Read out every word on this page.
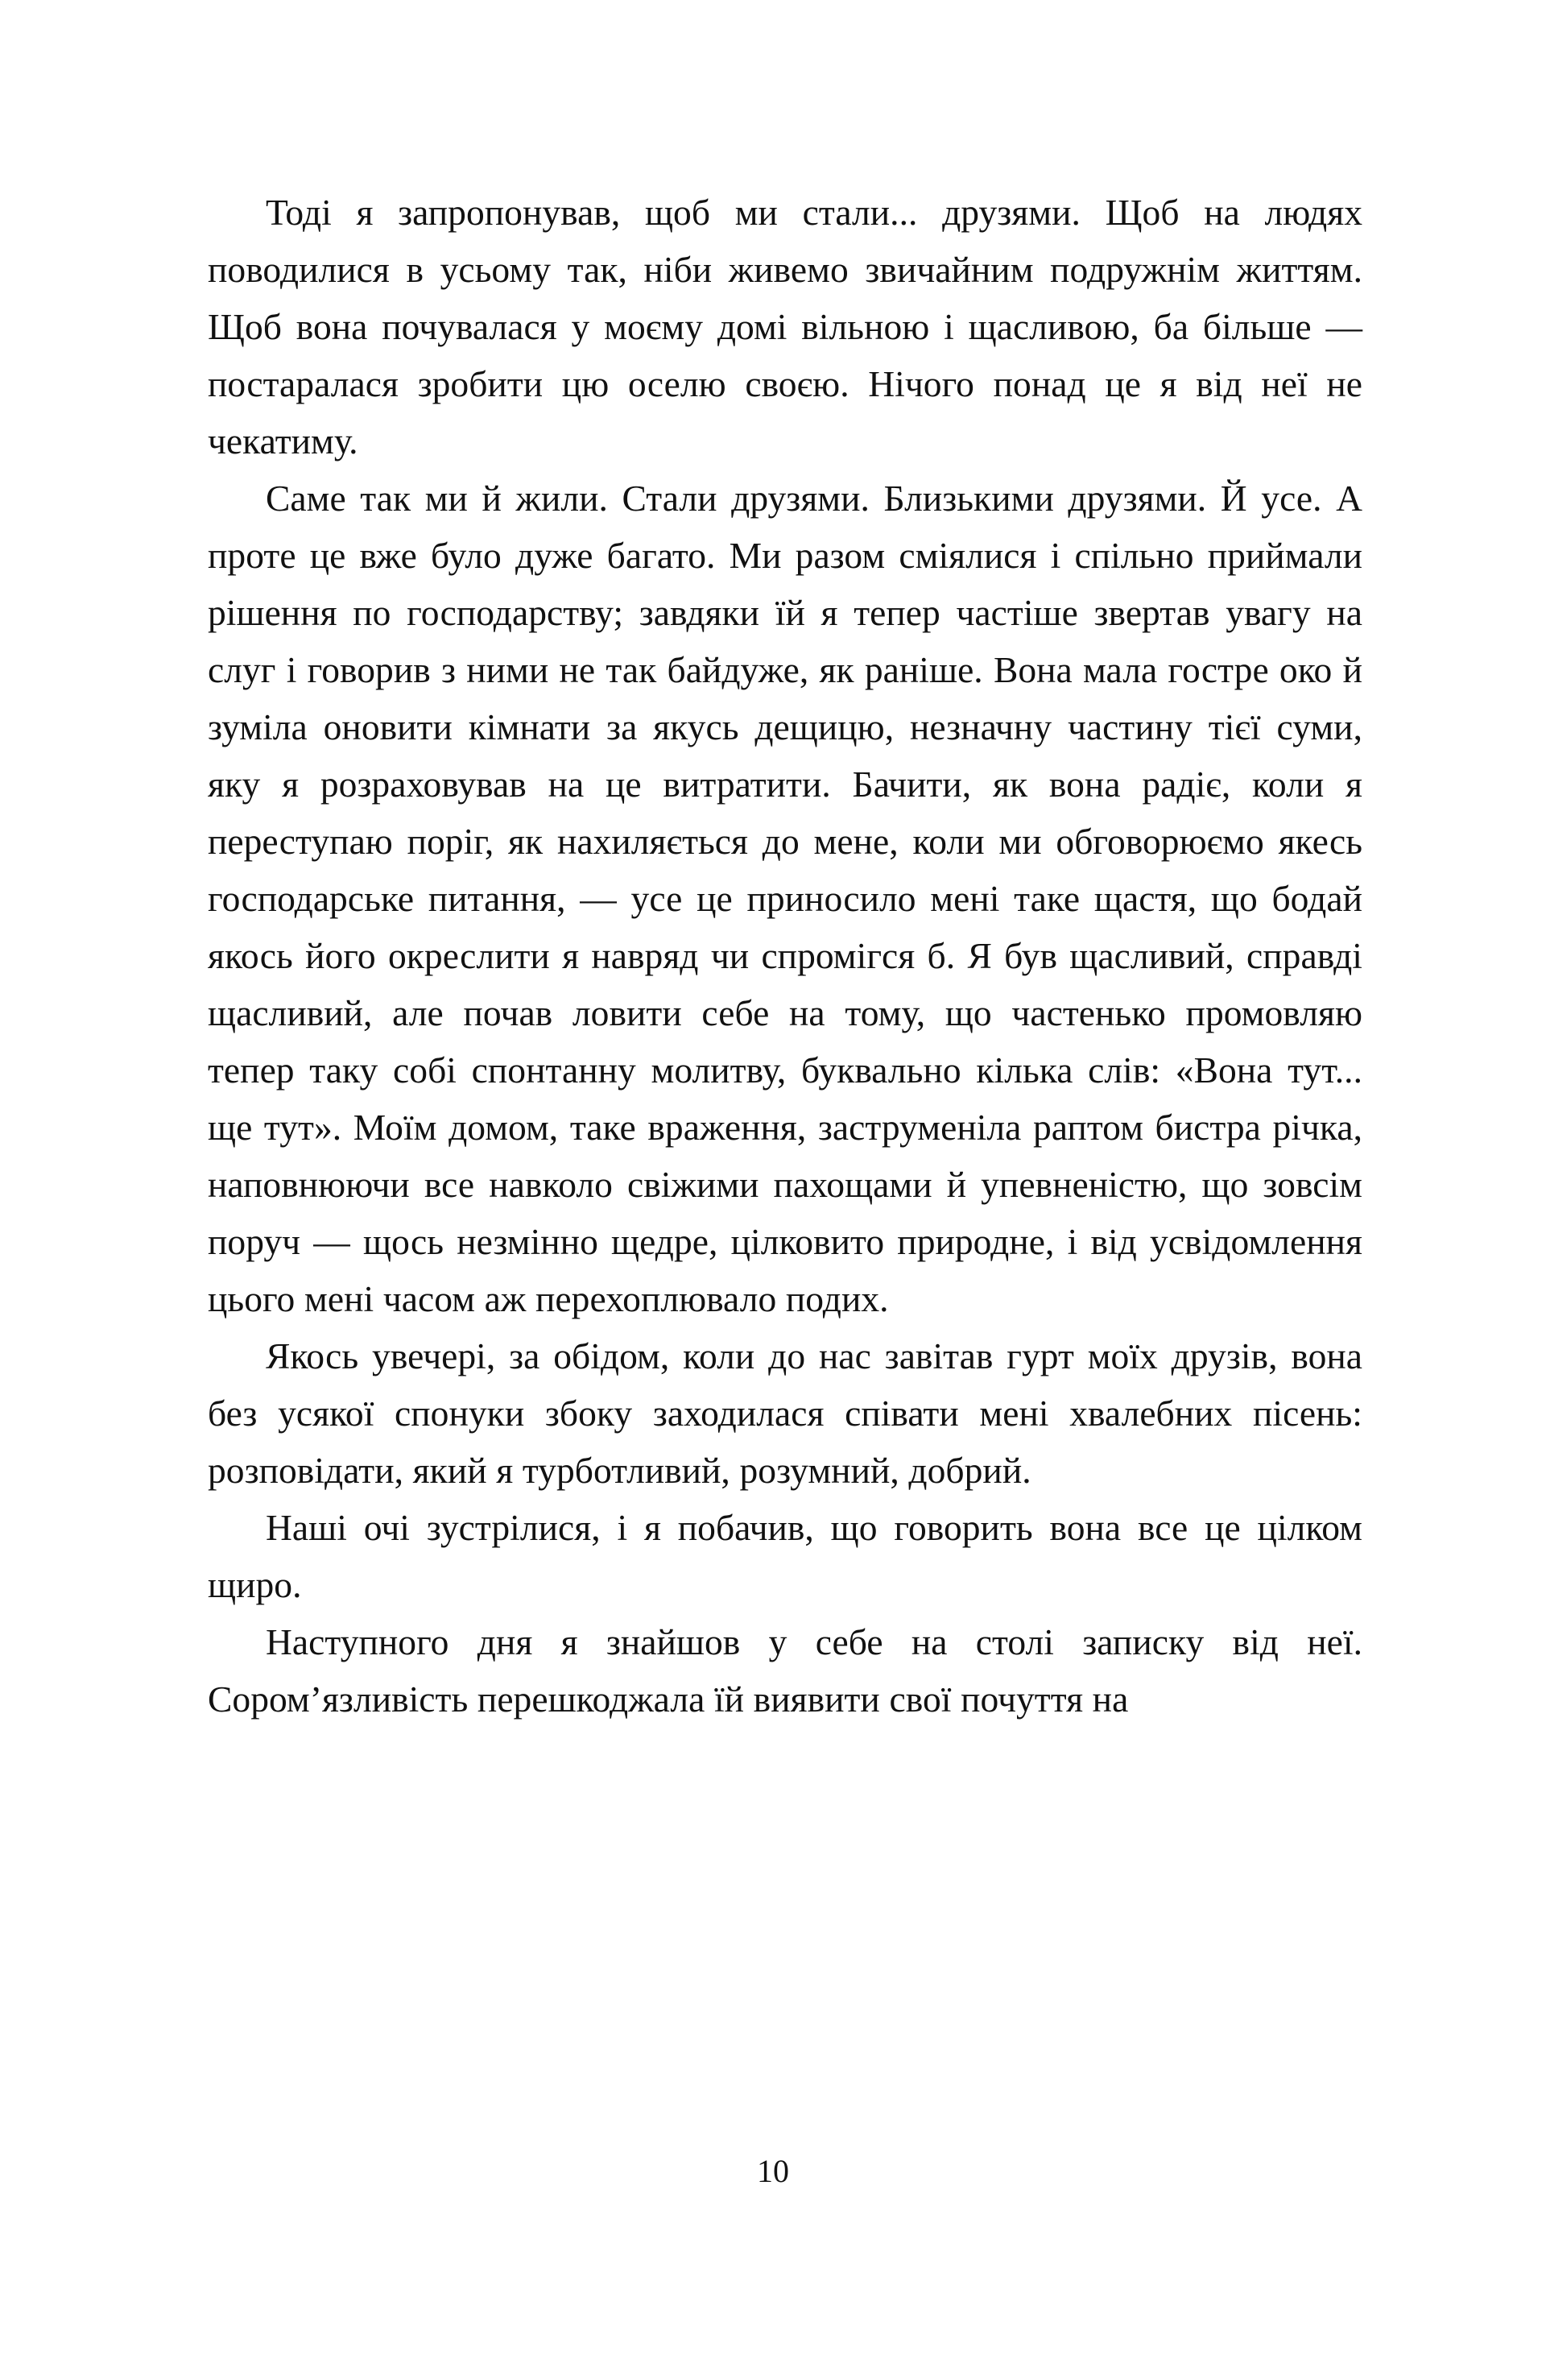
Тоді я запропонував, щоб ми стали... друзями. Щоб на людях поводилися в усьому так, ніби живемо звичайним подружнім життям. Щоб вона почувалася у моєму домі вільною і щасливою, ба більше — постаралася зробити цю оселю своєю. Нічого понад це я від неї не чекатиму.

Саме так ми й жили. Стали друзями. Близькими друзями. Й усе. А проте це вже було дуже багато. Ми разом сміялися і спільно приймали рішення по господарству; завдяки їй я тепер частіше звертав увагу на слуг і говорив з ними не так байдуже, як раніше. Вона мала гостре око й зуміла оновити кімнати за якусь дещицю, незначну частину тієї суми, яку я розраховував на це витратити. Бачити, як вона радіє, коли я переступаю поріг, як нахиляється до мене, коли ми обговорюємо якесь господарське питання, — усе це приносило мені таке щастя, що бодай якось його окреслити я навряд чи спромігся б. Я був щасливий, справді щасливий, але почав ловити себе на тому, що частенько промовляю тепер таку собі спонтанну молитву, буквально кілька слів: «Вона тут... ще тут». Моїм домом, таке враження, заструменіла раптом бистра річка, наповнюючи все навколо свіжими пахощами й упевненістю, що зовсім поруч — щось незмінно щедре, цілковито природне, і від усвідомлення цього мені часом аж перехоплювало подих.

Якось увечері, за обідом, коли до нас завітав гурт моїх друзів, вона без усякої спонуки збоку заходилася співати мені хвалебних пісень: розповідати, який я турботливий, розумний, добрий.

Наші очі зустрілися, і я побачив, що говорить вона все це цілком щиро.

Наступного дня я знайшов у себе на столі записку від неї. Сором’язливість перешкоджала їй виявити свої почуття на

10
